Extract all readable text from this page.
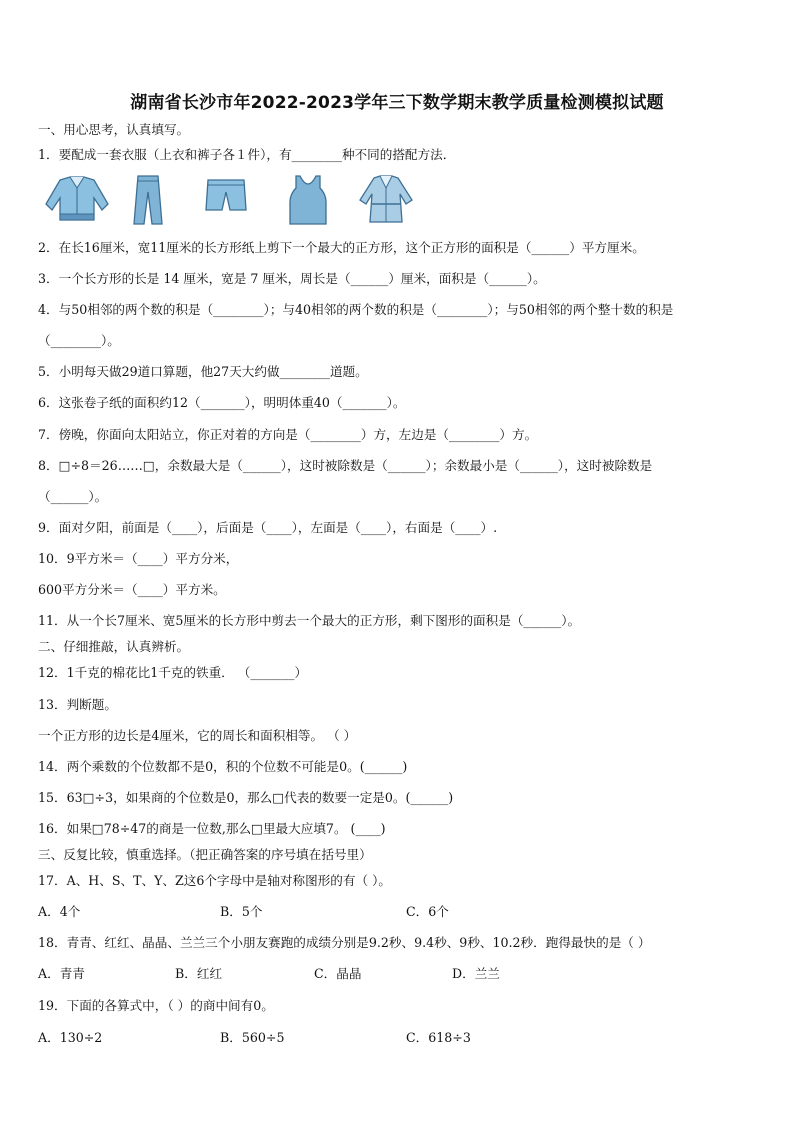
湖南省长沙市年2022-2023学年三下数学期末教学质量检测模拟试题
一、用心思考，认真填写。
1．要配成一套衣服（上衣和裤子各１件），有________种不同的搭配方法．
2．在长16厘米，宽11厘米的长方形纸上剪下一个最大的正方形，这个正方形的面积是（______）平方厘米。
3．一个长方形的长是 14 厘米，宽是 7 厘米，周长是（______）厘米，面积是（______）。
4．与50相邻的两个数的积是（________）；与40相邻的两个数的积是（________）；与50相邻的两个整十数的积是
（________）。
5．小明每天做29道口算题，他27天大约做________道题。
6．这张卷子纸的面积约12（_______），明明体重40（_______）。
7．傍晚，你面向太阳站立，你正对着的方向是（________）方，左边是（________）方。
8．□÷8＝26……□，余数最大是（______），这时被除数是（______）；余数最小是（______），这时被除数是
（______）。
9．面对夕阳，前面是（____），后面是（____），左面是（____），右面是（____）.
10．9平方米＝（____）平方分米，
600平方分米＝（____）平方米。
11．从一个长7厘米、宽5厘米的长方形中剪去一个最大的正方形，剩下图形的面积是（______）。
二、仔细推敲，认真辨析。
12．1千克的棉花比1千克的铁重． （_______）
13．判断题。
一个正方形的边长是4厘米，它的周长和面积相等。 （ ）
14．两个乘数的个位数都不是0，积的个位数不可能是0。(______)
15．63□÷3，如果商的个位数是0，那么□代表的数要一定是0。(______)
16．如果□78÷47的商是一位数,那么□里最大应填7。 (____)
三、反复比较，慎重选择。（把正确答案的序号填在括号里）
17．A、H、S、T、Y、Z这6个字母中是轴对称图形的有（ ）。
A．4个	B．5个	C．6个
18．青青、红红、晶晶、兰兰三个小朋友赛跑的成绩分别是9.2秒、9.4秒、9秒、10.2秒．跑得最快的是（ ）
A．青青	B．红红	C．晶晶	D．兰兰
19．下面的各算式中，（ ）的商中间有0。
A．130÷2	B．560÷5	C．618÷3
